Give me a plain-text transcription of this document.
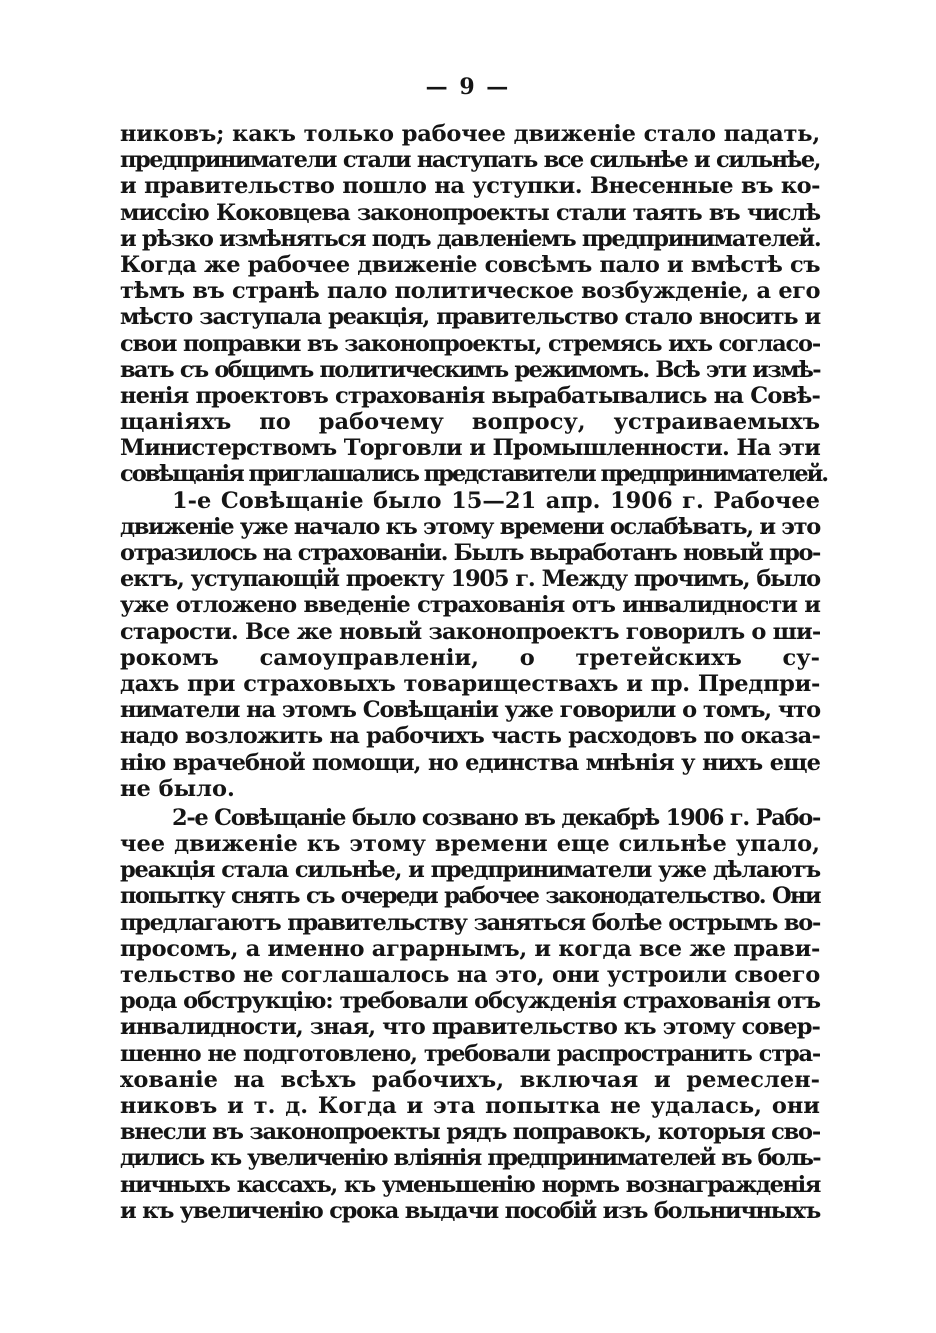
— 9 —
никовъ; какъ только рабочее движенie стало падать,
предприниматели стали наступать все сильнѣе и сильнѣе,
и правительство пошло на уступки. Внесенные въ ко-
миссiю Коковцева законопроекты стали таять въ числѣ
и рѣзко измѣняться подъ давленiемъ предпринимателей.
Когда же рабочее движенiе совсѣмъ пало и вмѣстѣ съ
тѣмъ въ странѣ пало политическое возбужденiе, а его
мѣсто заступала реакцiя, правительство стало вносить и
свои поправки въ законопроекты, стремясь ихъ согласо-
вать съ общимъ политическимъ режимомъ. Всѣ эти измѣ-
ненiя проектовъ страхованiя вырабатывались на Совѣ-
щанiяхъ по рабочему вопросу, устраиваемыхъ
Министерствомъ Торговли и Промышленности. На эти
совѣщанiя приглашались представители предпринимателей.
1-е Совѣщанiе было 15—21 апр. 1906 г. Рабочее
движенiе уже начало къ этому времени ослабѣвать, и это
отразилось на страхованiи. Былъ выработанъ новый про-
ектъ, уступающiй проекту 1905 г. Между прочимъ, было
уже отложено введенiе страхованiя отъ инвалидности и
старости. Все же новый законопроектъ говорилъ о ши-
рокомъ самоуправленiи, о третейскихъ су-
дахъ при страховыхъ товариществахъ и пр. Предпри-
ниматели на этомъ Совѣщанiи уже говорили о томъ, что
надо возложить на рабочихъ часть расходовъ по оказа-
нiю врачебной помощи, но единства мнѣнiя у нихъ еще
не было.
2-е Совѣщанiе было созвано въ декабрѣ 1906 г. Рабо-
чее движенiе къ этому времени еще сильнѣе упало,
реакцiя стала сильнѣе, и предприниматели уже дѣлаютъ
попытку снять съ очереди рабочее законодательство. Они
предлагаютъ правительству заняться болѣе острымъ во-
просомъ, а именно аграрнымъ, и когда все же прави-
тельство не соглашалось на это, они устроили своего
рода обструкцiю: требовали обсужденiя страхованiя отъ
инвалидности, зная, что правительство къ этому совер-
шенно не подготовлено, требовали распространить стра-
хованiе на всѣхъ рабочихъ, включая и ремеслен-
никовъ и т. д. Когда и эта попытка не удалась, они
внесли въ законопроекты рядъ поправокъ, которыя сво-
дились къ увеличенiю влiянiя предпринимателей въ боль-
ничныхъ кассахъ, къ уменьшенiю нормъ вознагражденiя
и къ увеличенiю срока выдачи пособiй изъ больничныхъ
